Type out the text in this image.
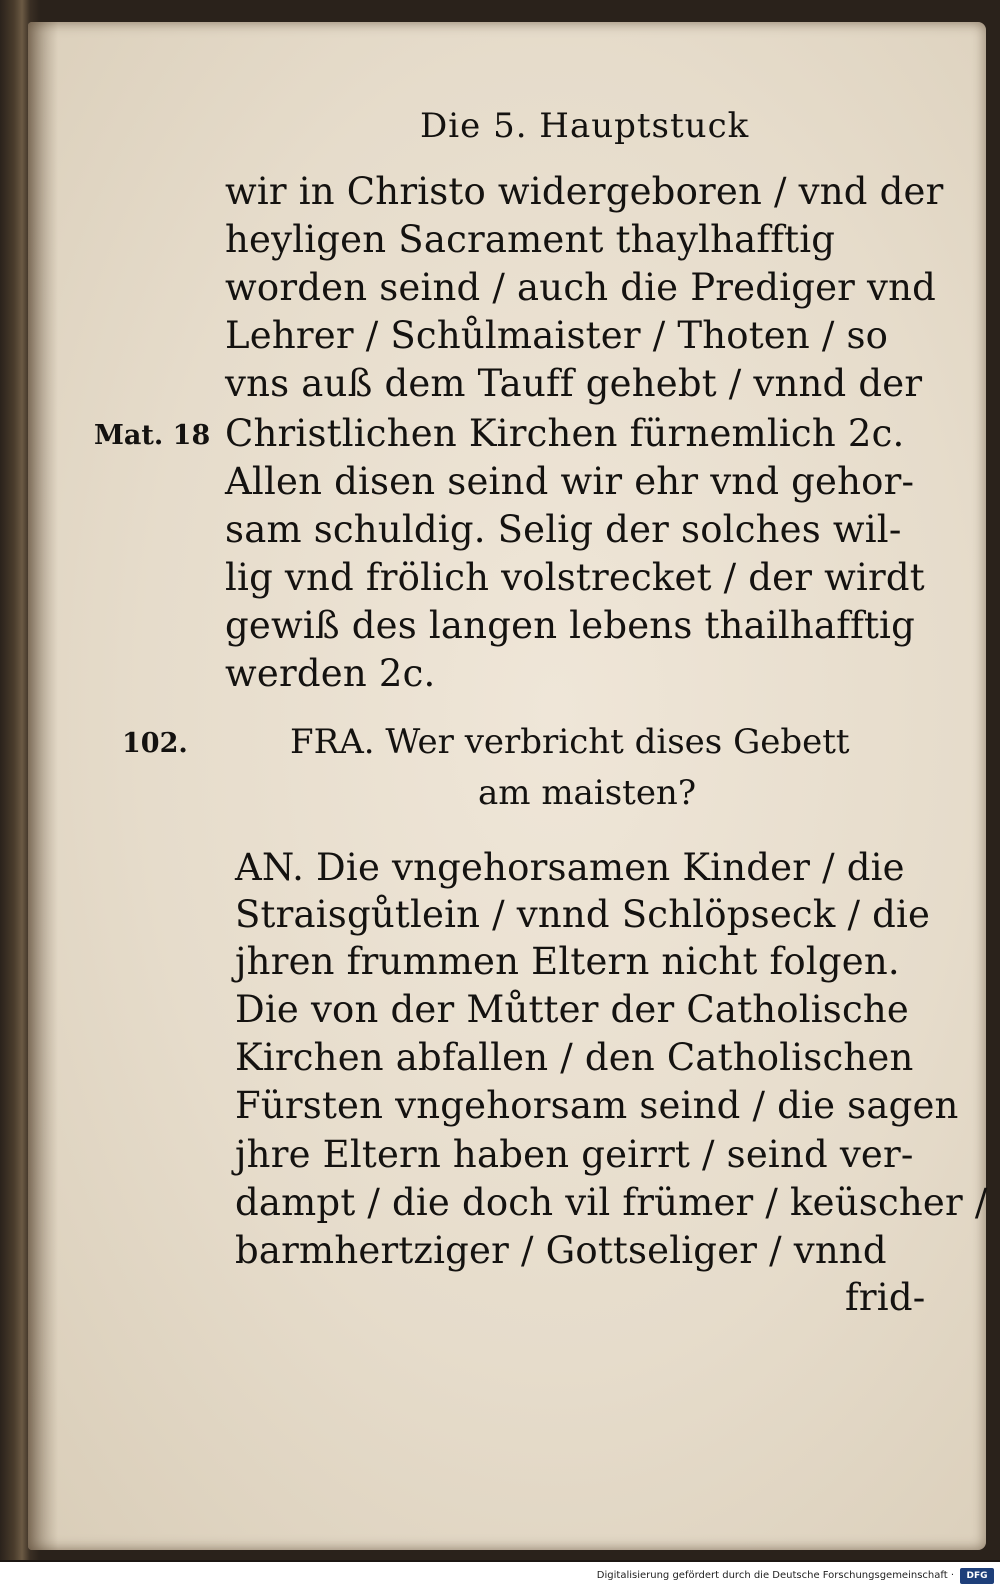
Die 5. Hauptstuck
wir in Christo widergeboren / vnd der
heyligen Sacrament thaylhafftig
worden seind / auch die Prediger vnd
Lehrer / Schůlmaister / Thoten / so
vns auß dem Tauff gehebt / vnnd der
Christlichen Kirchen fürnemlich 2c.
Allen disen seind wir ehr vnd gehor-
sam schuldig. Selig der solches wil-
lig vnd frölich volstrecket / der wirdt
gewiß des langen lebens thailhafftig
werden 2c.
Mat. 18
102.	FRA. Wer verbricht dises Gebett
am maisten?
AN. Die vngehorsamen Kinder / die
Straisgůtlein / vnnd Schlöpseck / die
jhren frummen Eltern nicht folgen.
Die von der Můtter der Catholische
Kirchen abfallen / den Catholischen
Fürsten vngehorsam seind / die sagen
jhre Eltern haben geirrt / seind ver-
dampt / die doch vil frümer / keüscher /
barmhertziger / Gottseliger / vnnd
frid-
Digitalisierung gefördert durch die Deutsche Forschungsgemeinschaft ·	DFG
